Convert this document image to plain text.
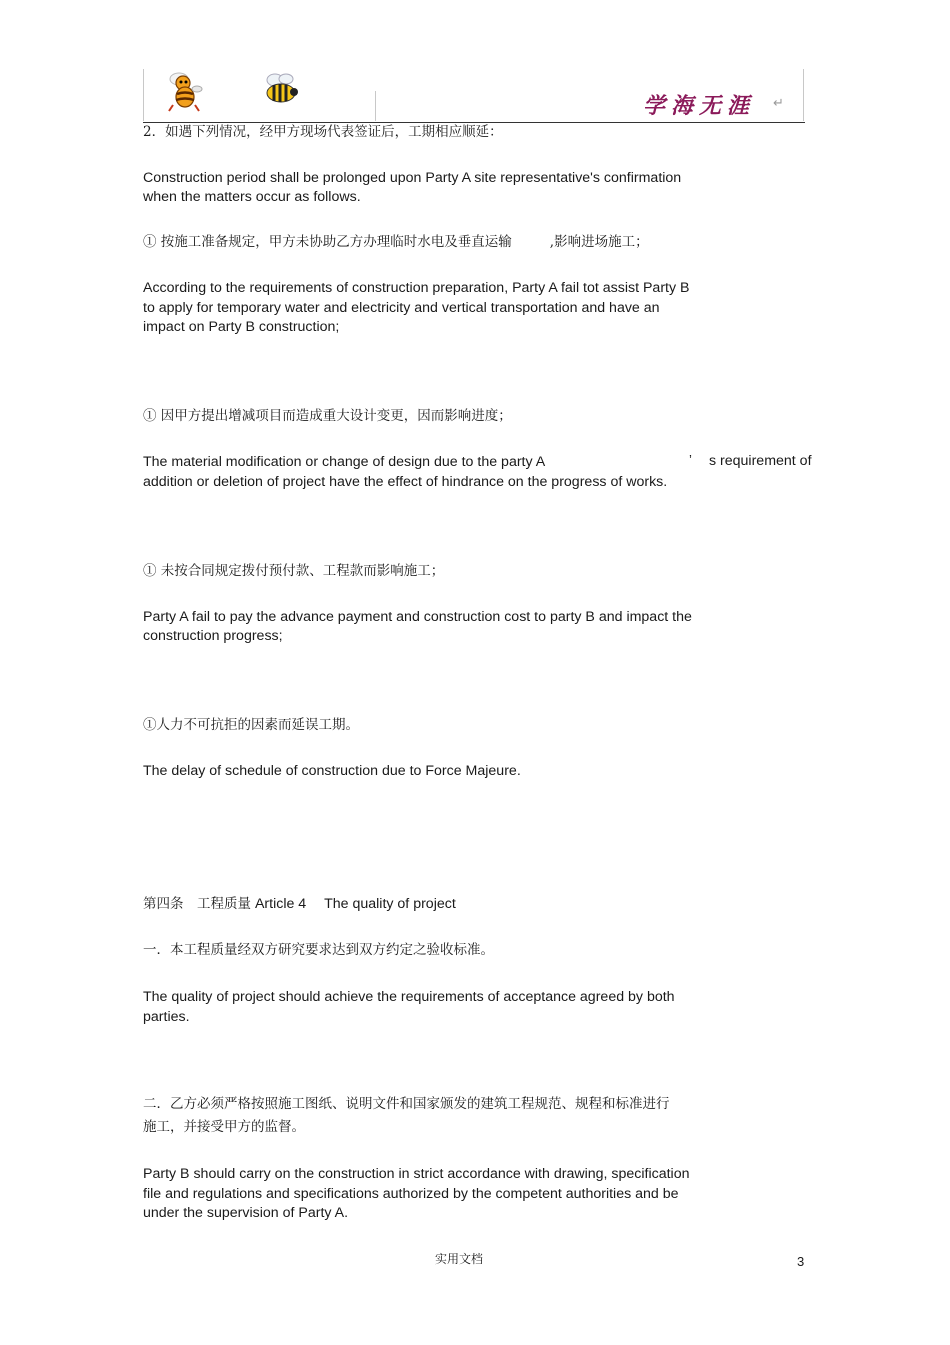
学海无涯 ↵
2．如遇下列情况，经甲方现场代表签证后，工期相应顺延：
Construction period shall be prolonged upon Party A site representative's confirmation
when the matters occur as follows.
① 按施工准备规定，甲方未协助乙方办理临时水电及垂直运输	,影响进场施工；
According to the requirements of construction preparation, Party A fail tot assist Party B
to apply for temporary water and electricity and vertical transportation and have an
impact on Party B construction;
① 因甲方提出增减项目而造成重大设计变更，因而影响进度；
The material modification or change of design due to the party A	’ s requirement of
addition or deletion of project have the effect of hindrance on the progress of works.
① 未按合同规定拨付预付款、工程款而影响施工；
Party A fail to pay the advance payment and construction cost to party B and impact the
construction progress;
①人力不可抗拒的因素而延误工期。
The delay of schedule of construction due to Force Majeure.
第四条　工程质量 Article 4　 The quality of project
一．本工程质量经双方研究要求达到双方约定之验收标准。
The quality of project should achieve the requirements of acceptance agreed by both
parties.
二．乙方必须严格按照施工图纸、说明文件和国家颁发的建筑工程规范、规程和标准进行
施工，并接受甲方的监督。
Party B should carry on the construction in strict accordance with drawing, specification
file and regulations and specifications authorized by the competent authorities and be
under the supervision of Party A.
实用文档	3
